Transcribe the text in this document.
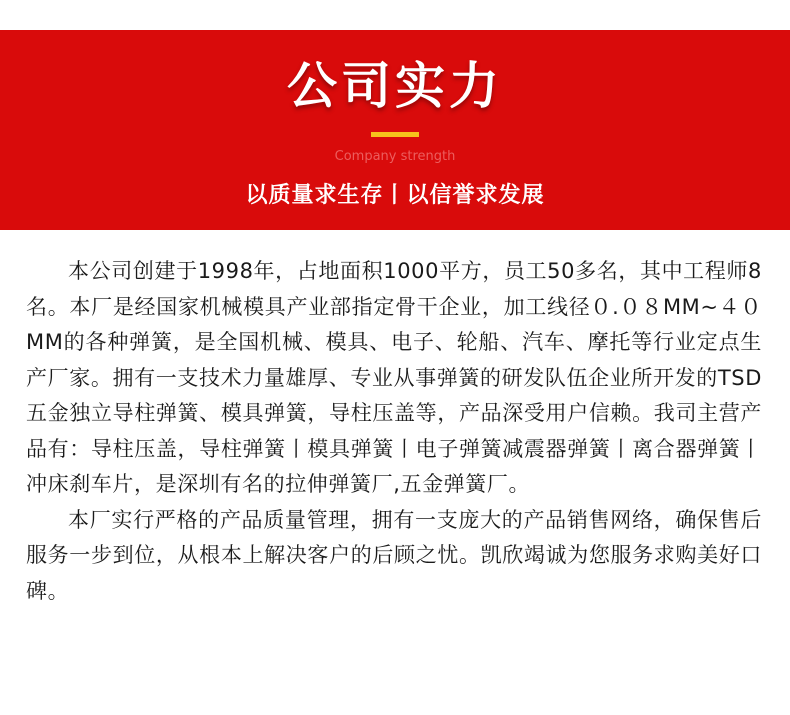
公司实力
Company strength
以质量求生存丨以信誉求发展

本公司创建于1998年，占地面积1000平方，员工50多名，其中工程师8名。本厂是经国家机械模具产业部指定骨干企业，加工线径０.０８MM~４０MM的各种弹簧，是全国机械、模具、电子、轮船、汽车、摩托等行业定点生产厂家。拥有一支技术力量雄厚、专业从事弹簧的研发队伍企业所开发的TSD五金独立导柱弹簧、模具弹簧，导柱压盖等，产品深受用户信赖。我司主营产品有：导柱压盖，导柱弹簧丨模具弹簧丨电子弹簧减震器弹簧丨离合器弹簧丨冲床刹车片，是深圳有名的拉伸弹簧厂,五金弹簧厂。

本厂实行严格的产品质量管理，拥有一支庞大的产品销售网络，确保售后服务一步到位，从根本上解决客户的后顾之忧。凯欣竭诚为您服务求购美好口碑。
